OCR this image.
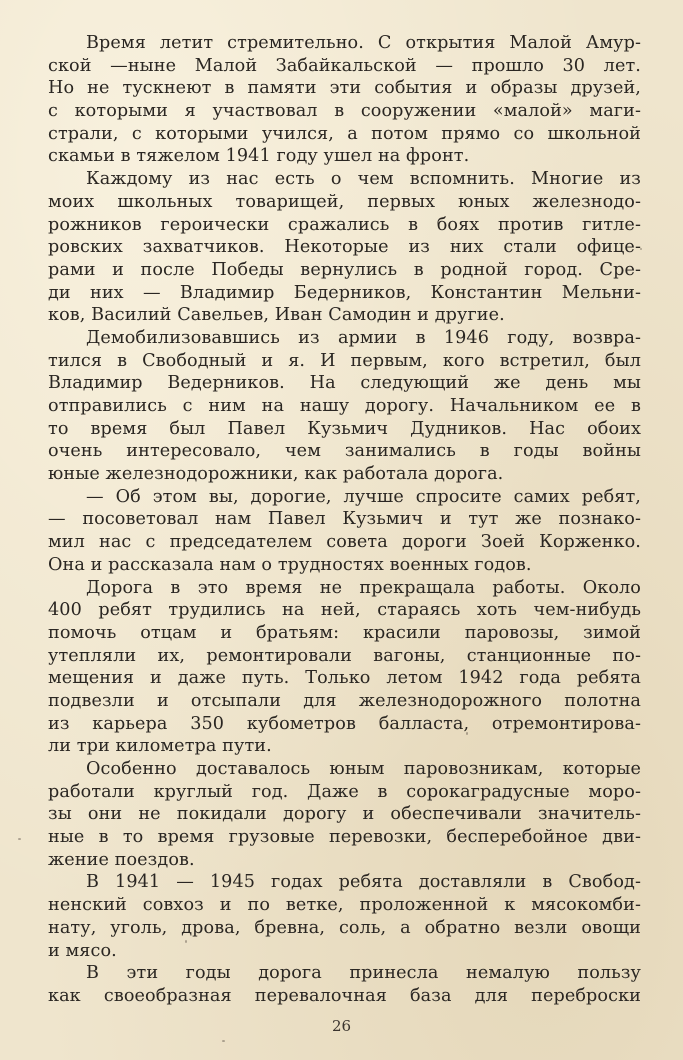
Время летит стремительно. С открытия Малой Амур-
ской —ныне Малой Забайкальской — прошло 30 лет.
Но не тускнеют в памяти эти события и образы друзей,
с которыми я участвовал в сооружении «малой» маги-
страли, с которыми учился, а потом прямо со школьной
скамьи в тяжелом 1941 году ушел на фронт.
Каждому из нас есть о чем вспомнить. Многие из
моих школьных товарищей, первых юных железнодо-
рожников героически сражались в боях против гитле-
ровских захватчиков. Некоторые из них стали офице-
рами и после Победы вернулись в родной город. Сре-
ди них — Владимир Бедерников, Константин Мельни-
ков, Василий Савельев, Иван Самодин и другие.
Демобилизовавшись из армии в 1946 году, возвра-
тился в Свободный и я. И первым, кого встретил, был
Владимир Ведерников. На следующий же день мы
отправились с ним на нашу дорогу. Начальником ее в
то время был Павел Кузьмич Дудников. Нас обоих
очень интересовало, чем занимались в годы войны
юные железнодорожники, как работала дорога.
— Об этом вы, дорогие, лучше спросите самих ребят,
— посоветовал нам Павел Кузьмич и тут же познако-
мил нас с председателем совета дороги Зоей Корженко.
Она и рассказала нам о трудностях военных годов.
Дорога в это время не прекращала работы. Около
400 ребят трудились на ней, стараясь хоть чем-нибудь
помочь отцам и братьям: красили паровозы, зимой
утепляли их, ремонтировали вагоны, станционные по-
мещения и даже путь. Только летом 1942 года ребята
подвезли и отсыпали для железнодорожного полотна
из карьера 350 кубометров балласта, отремонтирова-
ли три километра пути.
Особенно доставалось юным паровозникам, которые
работали круглый год. Даже в сорокаградусные моро-
зы они не покидали дорогу и обеспечивали значитель-
ные в то время грузовые перевозки, бесперебойное дви-
жение поездов.
В 1941 — 1945 годах ребята доставляли в Свобод-
ненский совхоз и по ветке, проложенной к мясокомби-
нату, уголь, дрова, бревна, соль, а обратно везли овощи
и мясо.
В эти годы дорога принесла немалую пользу
как своеобразная перевалочная база для переброски
26
